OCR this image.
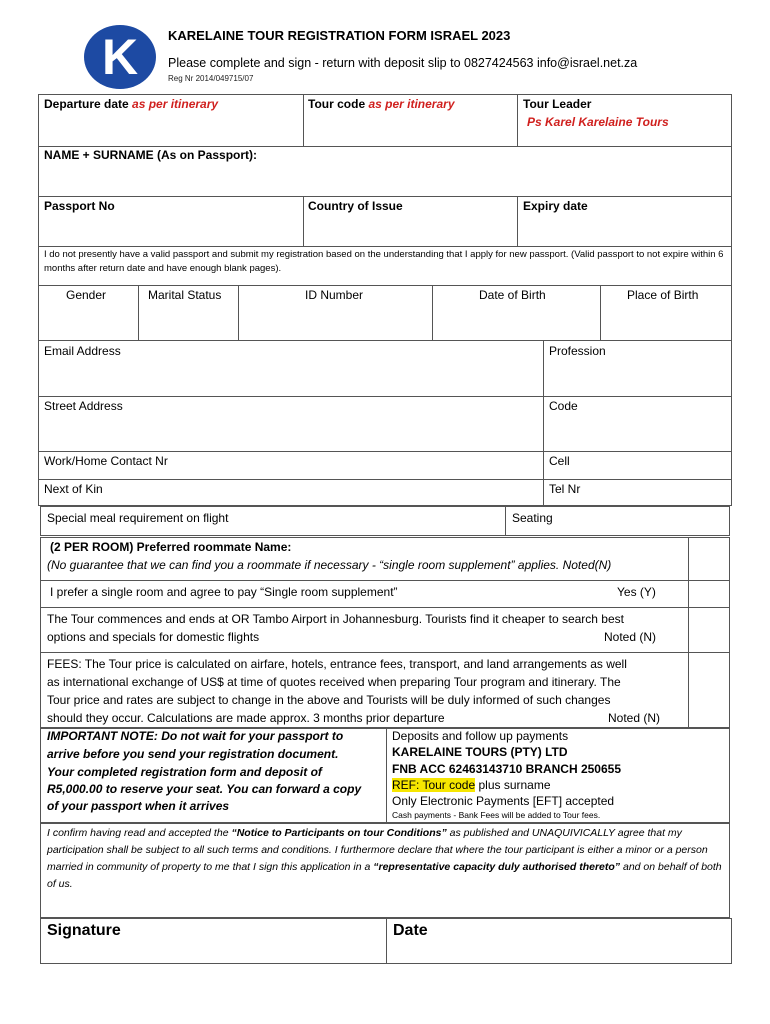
K	KARELAINE TOUR REGISTRATION FORM ISRAEL 2023
Please complete and sign - return with deposit slip to 0827424563 info@israel.net.za
Reg Nr 2014/049715/07
Departure date as per itinerary	Tour code as per itinerary	Tour Leader
Ps Karel Karelaine Tours
NAME + SURNAME (As on Passport):
Passport No	Country of Issue	Expiry date
I do not presently have a valid passport and submit my registration based on the understanding that I apply for new passport. (Valid passport to not expire within 6 months after return date and have enough blank pages).
Gender	Marital Status	ID Number	Date of Birth	Place of Birth
Email Address	Profession
Street Address	Code
Work/Home Contact Nr	Cell
Next of Kin	Tel Nr
Special meal requirement on flight	Seating
(2 PER ROOM) Preferred roommate Name:
(No guarantee that we can find you a roommate if necessary - “single room supplement” applies. Noted(N)
I prefer a single room and agree to pay “Single room supplement”	Yes (Y)
The Tour commences and ends at OR Tambo Airport in Johannesburg. Tourists find it cheaper to search best
options and specials for domestic flights	Noted (N)
FEES: The Tour price is calculated on airfare, hotels, entrance fees, transport, and land arrangements as well
as international exchange of US$ at time of quotes received when preparing Tour program and itinerary. The
Tour price and rates are subject to change in the above and Tourists will be duly informed of such changes
should they occur. Calculations are made approx. 3 months prior departure	Noted (N)
IMPORTANT NOTE: Do not wait for your passport to
arrive before you send your registration document.
Your completed registration form and deposit of
R5,000.00 to reserve your seat. You can forward a copy
of your passport when it arrives
Deposits and follow up payments
KARELAINE TOURS (PTY) LTD
FNB ACC 62463143710 BRANCH 250655
REF: Tour code plus surname
Only Electronic Payments [EFT] accepted
Cash payments - Bank Fees will be added to Tour fees.
I confirm having read and accepted the “Notice to Participants on tour Conditions” as published and UNAQUIVICALLY agree that my participation shall be subject to all such terms and conditions. I furthermore declare that where the tour participant is either a minor or a person married in community of property to me that I sign this application in a “representative capacity duly authorised thereto” and on behalf of both of us.
Signature	Date
